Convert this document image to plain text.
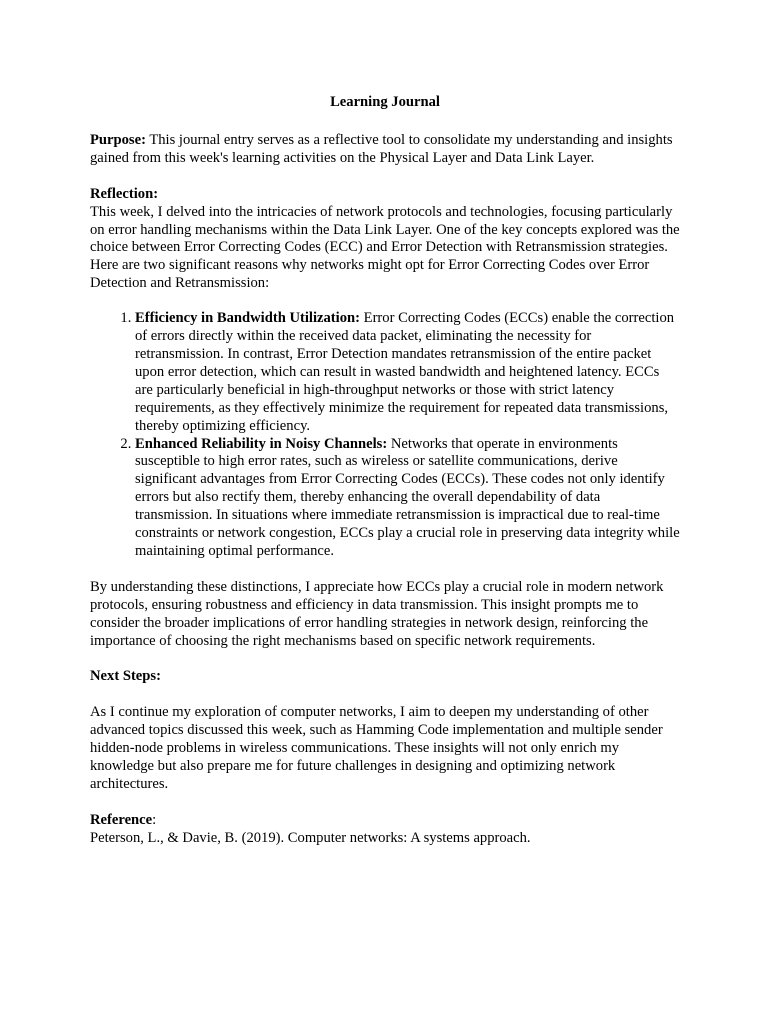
Learning Journal

Purpose: This journal entry serves as a reflective tool to consolidate my understanding and insights gained from this week's learning activities on the Physical Layer and Data Link Layer.

Reflection:

This week, I delved into the intricacies of network protocols and technologies, focusing particularly on error handling mechanisms within the Data Link Layer. One of the key concepts explored was the choice between Error Correcting Codes (ECC) and Error Detection with Retransmission strategies. Here are two significant reasons why networks might opt for Error Correcting Codes over Error Detection and Retransmission:

1. Efficiency in Bandwidth Utilization: Error Correcting Codes (ECCs) enable the correction of errors directly within the received data packet, eliminating the necessity for retransmission. In contrast, Error Detection mandates retransmission of the entire packet upon error detection, which can result in wasted bandwidth and heightened latency. ECCs are particularly beneficial in high-throughput networks or those with strict latency requirements, as they effectively minimize the requirement for repeated data transmissions, thereby optimizing efficiency.
2. Enhanced Reliability in Noisy Channels: Networks that operate in environments susceptible to high error rates, such as wireless or satellite communications, derive significant advantages from Error Correcting Codes (ECCs). These codes not only identify errors but also rectify them, thereby enhancing the overall dependability of data transmission. In situations where immediate retransmission is impractical due to real-time constraints or network congestion, ECCs play a crucial role in preserving data integrity while maintaining optimal performance.

By understanding these distinctions, I appreciate how ECCs play a crucial role in modern network protocols, ensuring robustness and efficiency in data transmission. This insight prompts me to consider the broader implications of error handling strategies in network design, reinforcing the importance of choosing the right mechanisms based on specific network requirements.

Next Steps:

As I continue my exploration of computer networks, I aim to deepen my understanding of other advanced topics discussed this week, such as Hamming Code implementation and multiple sender hidden-node problems in wireless communications. These insights will not only enrich my knowledge but also prepare me for future challenges in designing and optimizing network architectures.

Reference:

Peterson, L., & Davie, B. (2019). Computer networks: A systems approach.
